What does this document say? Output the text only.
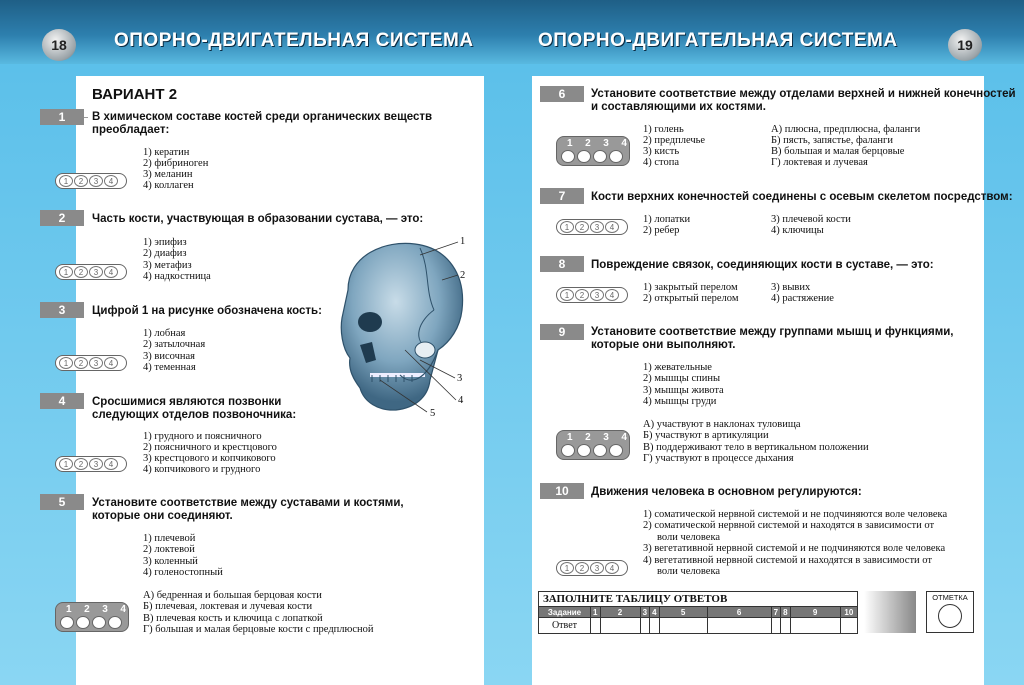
18	ОПОРНО-ДВИГАТЕЛЬНАЯ СИСТЕМА	ОПОРНО-ДВИГАТЕЛЬНАЯ СИСТЕМА	19
ВАРИАНТ 2
1	В химическом составе костей среди органических веществ
преобладает:
1) кератин
2) фибриноген
3) меланин
4) коллаген
1	2	3	4
2	Часть кости, участвующая в образовании сустава, — это:
1) эпифиз
2) диафиз
3) метафиз
4) надкостница
1	2	3	4
3	Цифрой 1 на рисунке обозначена кость:
1) лобная
2) затылочная
3) височная
4) теменная
1	2	3	4
1
2
3
4
5
4	Сросшимися являются позвонки
следующих отделов позвоночника:
1) грудного и поясничного
2) поясничного и крестцового
3) крестцового и копчикового
4) копчикового и грудного
1	2	3	4
5	Установите соответствие между суставами и костями,
которые они соединяют.
1) плечевой
2) локтевой
3) коленный
4) голеностопный
А) бедренная и большая берцовая кости
Б) плечевая, локтевая и лучевая кости
В) плечевая кость и ключица с лопаткой
Г) большая и малая берцовые кости с предплюсной
1 2 3 4
6	Установите соответствие между отделами верхней и нижней конечностей
и составляющими их костями.
1) голень
2) предплечье
3) кисть
4) стопа
А) плюсна, предплюсна, фаланги
Б) пясть, запястье, фаланги
В) большая и малая берцовые
Г) локтевая и лучевая
1 2 3 4
7	Кости верхних конечностей соединены с осевым скелетом посредством:
1) лопатки
2) ребер
3) плечевой кости
4) ключицы
1	2	3	4
8	Повреждение связок, соединяющих кости в суставе, — это:
1) закрытый перелом
2) открытый перелом
3) вывих
4) растяжение
1	2	3	4
9	Установите соответствие между группами мышц и функциями,
которые они выполняют.
1) жевательные
2) мышцы спины
3) мышцы живота
4) мышцы груди
А) участвуют в наклонах туловища
Б) участвуют в артикуляции
В) поддерживают тело в вертикальном положении
Г) участвуют в процессе дыхания
1 2 3 4
10	Движения человека в основном регулируются:
1) соматической нервной системой и не подчиняются воле человека
2) соматической нервной системой и находятся в зависимости от
воли человека
3) вегетативной нервной системой и не подчиняются воле человека
4) вегетативной нервной системой и находятся в зависимости от
воли человека
1	2	3	4
ЗАПОЛНИТЕ ТАБЛИЦУ ОТВЕТОВ
Задание	1	2	3	4	5	6	7	8	9	10
Ответ										
ОТМЕТКА
